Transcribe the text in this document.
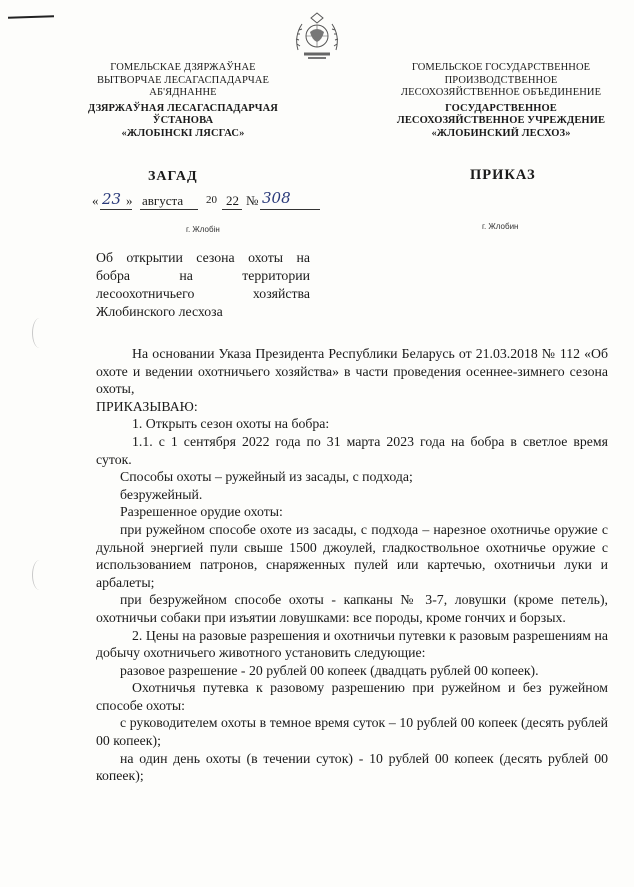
ГОМЕЛЬСКАЕ ДЗЯРЖАЎНАЕ
ВЫТВОРЧАЕ ЛЕСАГАСПАДАРЧАЕ
АБ'ЯДНАННЕ
ДЗЯРЖАЎНАЯ ЛЕСАГАСПАДАРЧАЯ
ЎСТАНОВА
«ЖЛОБІНСКІ ЛЯСГАС»
ГОМЕЛЬСКОЕ ГОСУДАРСТВЕННОЕ
ПРОИЗВОДСТВЕННОЕ
ЛЕСОХОЗЯЙСТВЕННОЕ ОБЪЕДИНЕНИЕ
ГОСУДАРСТВЕННОЕ
ЛЕСОХОЗЯЙСТВЕННОЕ УЧРЕЖДЕНИЕ
«ЖЛОБИНСКИЙ ЛЕСХОЗ»
ЗАГАД	ПРИКАЗ
« 23 » августа 20 22 № 308
г. Жлобін	г. Жлобин
Об открытии сезона охоты на
бобра на территории
лесоохотничьего хозяйства
Жлобинского лесхоза

На основании Указа Президента Республики Беларусь от 21.03.2018 № 112 «Об охоте и ведении охотничьего хозяйства» в части проведения осеннее-зимнего сезона охоты,

ПРИКАЗЫВАЮ:

1. Открыть сезон охоты на бобра:

1.1. с 1 сентября 2022 года по 31 марта 2023 года на бобра в светлое время суток.

Способы охоты – ружейный из засады, с подхода;

безружейный.

Разрешенное орудие охоты:

при ружейном способе охоте из засады, с подхода – нарезное охотничье оружие с дульной энергией пули свыше 1500 джоулей, гладкоствольное охотничье оружие с использованием патронов, снаряженных пулей или картечью, охотничьи луки и арбалеты;

при безружейном способе охоты - капканы № 3-7, ловушки (кроме петель), охотничьи собаки при изъятии ловушками: все породы, кроме гончих и борзых.

2. Цены на разовые разрешения и охотничьи путевки к разовым разрешениям на добычу охотничьего животного установить следующие:

разовое разрешение - 20 рублей 00 копеек (двадцать рублей 00 копеек).

Охотничья путевка к разовому разрешению при ружейном и без ружейном способе охоты:

с руководителем охоты в темное время суток – 10 рублей 00 копеек (десять рублей 00 копеек);

на один день охоты (в течении суток) - 10 рублей 00 копеек (десять рублей 00 копеек);
